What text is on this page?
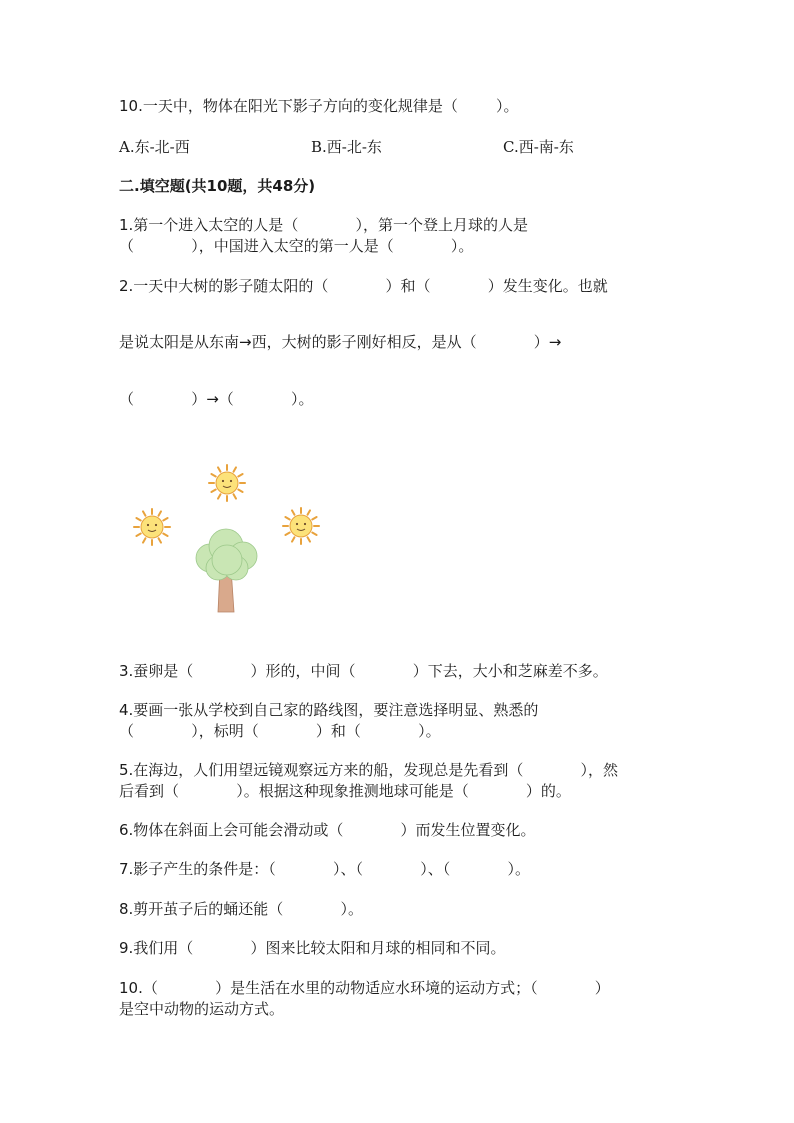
10.一天中，物体在阳光下影子方向的变化规律是（        ）。
A.东-北-西	B.西-北-东	C.西-南-东
二.填空题(共10题，共48分)
1.第一个进入太空的人是（            ），第一个登上月球的人是
（            ），中国进入太空的第一人是（            ）。
2.一天中大树的影子随太阳的（            ）和（            ）发生变化。也就
是说太阳是从东南→西，大树的影子刚好相反，是从（            ）→
（            ）→（            ）。
3.蚕卵是（            ）形的，中间（            ）下去，大小和芝麻差不多。
4.要画一张从学校到自己家的路线图，要注意选择明显、熟悉的
（            ），标明（            ）和（            ）。
5.在海边，人们用望远镜观察远方来的船，发现总是先看到（            ），然
后看到（            ）。根据这种现象推测地球可能是（            ）的。
6.物体在斜面上会可能会滑动或（            ）而发生位置变化。
7.影子产生的条件是：（            ）、（            ）、（            ）。
8.剪开茧子后的蛹还能（            ）。
9.我们用（            ）图来比较太阳和月球的相同和不同。
10.（            ）是生活在水里的动物适应水环境的运动方式；（            ）
是空中动物的运动方式。
